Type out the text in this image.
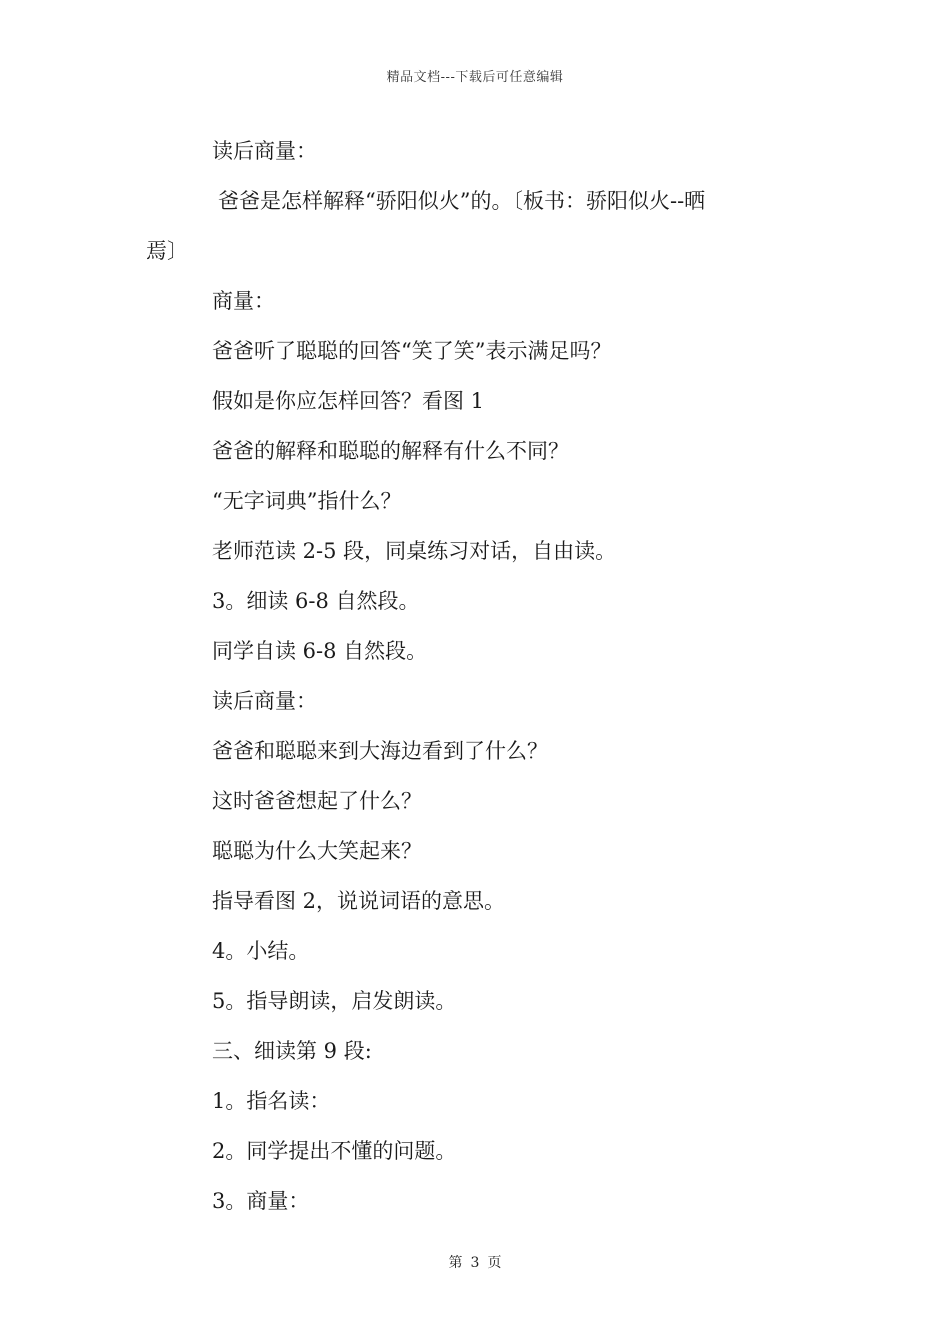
精品文档---下载后可任意编辑
读后商量：
爸爸是怎样解释“骄阳似火”的。〔板书：骄阳似火--晒
焉〕
商量：
爸爸听了聪聪的回答“笑了笑”表示满足吗？
假如是你应怎样回答？看图 1
爸爸的解释和聪聪的解释有什么不同？
“无字词典”指什么？
老师范读 2-5 段，同桌练习对话，自由读。
3。细读 6-8 自然段。
同学自读 6-8 自然段。
读后商量：
爸爸和聪聪来到大海边看到了什么？
这时爸爸想起了什么？
聪聪为什么大笑起来？
指导看图 2，说说词语的意思。
4。小结。
5。指导朗读，启发朗读。
三、细读第 9 段:
1。指名读：
2。同学提出不懂的问题。
3。商量：
第 3 页
